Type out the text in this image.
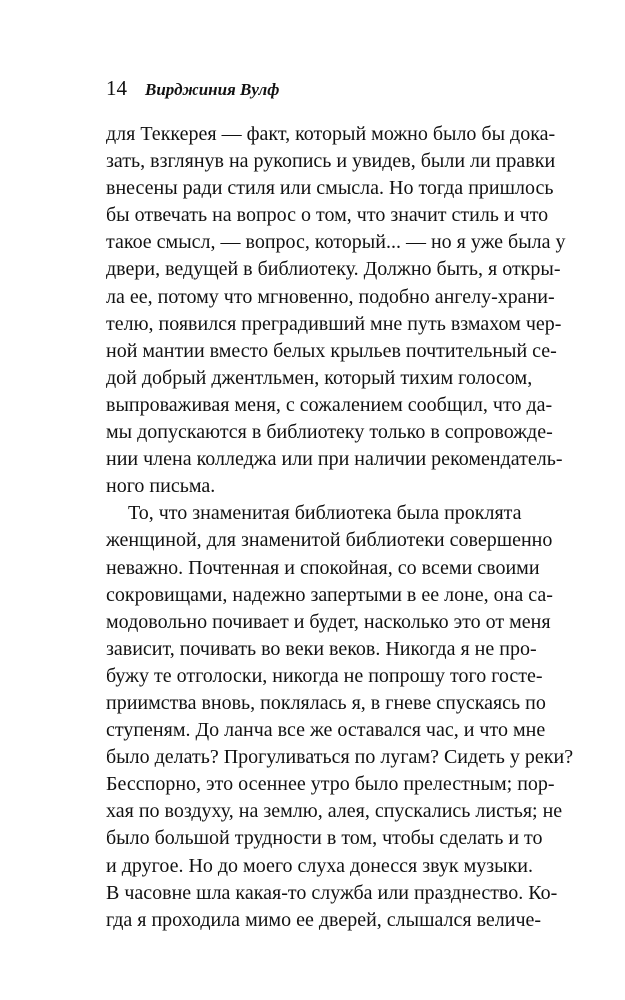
14 Вирджиния Вулф
для Теккерея — факт, который можно было бы дока-
зать, взглянув на рукопись и увидев, были ли правки
внесены ради стиля или смысла. Но тогда пришлось
бы отвечать на вопрос о том, что значит стиль и что
такое смысл, — вопрос, который... — но я уже была у
двери, ведущей в библиотеку. Должно быть, я откры-
ла ее, потому что мгновенно, подобно ангелу-храни-
телю, появился преградивший мне путь взмахом чер-
ной мантии вместо белых крыльев почтительный се-
дой добрый джентльмен, который тихим голосом,
выпроваживая меня, с сожалением сообщил, что да-
мы допускаются в библиотеку только в сопровожде-
нии члена колледжа или при наличии рекомендатель-
ного письма.
То, что знаменитая библиотека была проклята
женщиной, для знаменитой библиотеки совершенно
неважно. Почтенная и спокойная, со всеми своими
сокровищами, надежно запертыми в ее лоне, она са-
модовольно почивает и будет, насколько это от меня
зависит, почивать во веки веков. Никогда я не про-
бужу те отголоски, никогда не попрошу того госте-
приимства вновь, поклялась я, в гневе спускаясь по
ступеням. До ланча все же оставался час, и что мне
было делать? Прогуливаться по лугам? Сидеть у реки?
Бесспорно, это осеннее утро было прелестным; пор-
хая по воздуху, на землю, алея, спускались листья; не
было большой трудности в том, чтобы сделать и то
и другое. Но до моего слуха донесся звук музыки.
В часовне шла какая-то служба или празднество. Ко-
гда я проходила мимо ее дверей, слышался величе-
